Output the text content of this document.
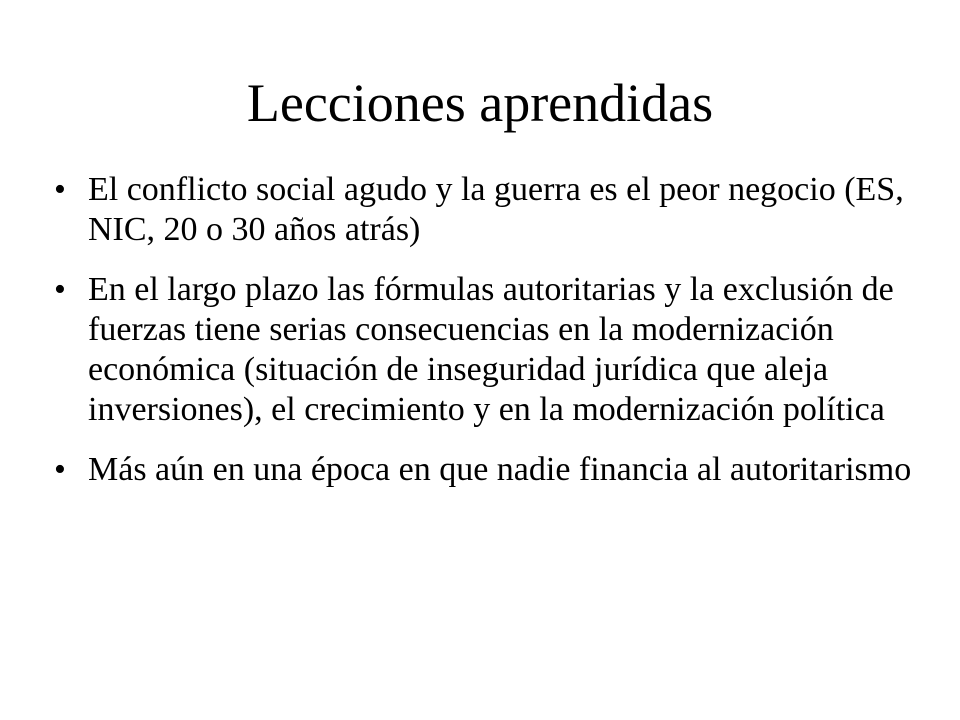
Lecciones aprendidas
• El conflicto social agudo y la guerra es el peor negocio (ES, NIC, 20 o 30 años atrás)
• En el largo plazo las fórmulas autoritarias y la exclusión de fuerzas tiene serias consecuencias en la modernización económica (situación de inseguridad jurídica que aleja inversiones), el crecimiento y en la modernización política
• Más aún en una época en que nadie financia al autoritarismo
